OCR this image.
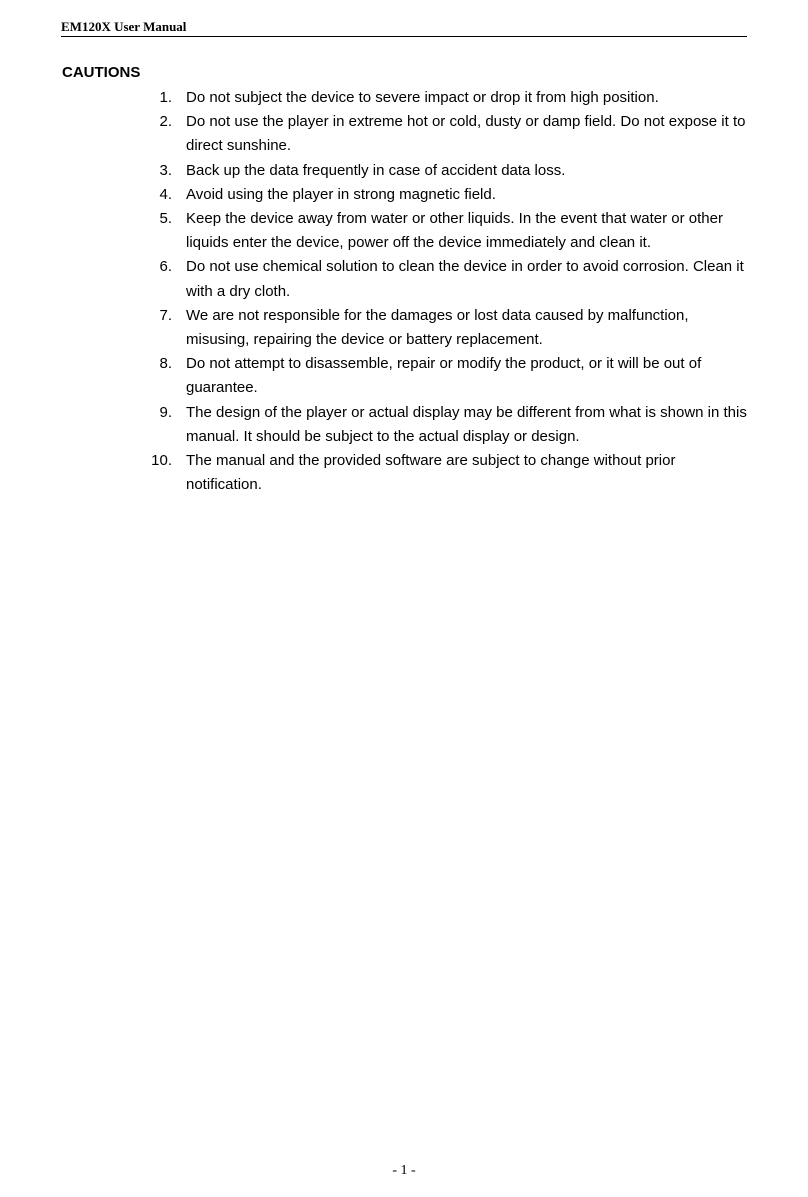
EM120X User Manual
CAUTIONS
1. Do not subject the device to severe impact or drop it from high position.
2. Do not use the player in extreme hot or cold, dusty or damp field. Do not expose it to direct sunshine.
3. Back up the data frequently in case of accident data loss.
4. Avoid using the player in strong magnetic field.
5. Keep the device away from water or other liquids. In the event that water or other liquids enter the device, power off the device immediately and clean it.
6. Do not use chemical solution to clean the device in order to avoid corrosion. Clean it with a dry cloth.
7. We are not responsible for the damages or lost data caused by malfunction, misusing, repairing the device or battery replacement.
8. Do not attempt to disassemble, repair or modify the product, or it will be out of guarantee.
9. The design of the player or actual display may be different from what is shown in this manual. It should be subject to the actual display or design.
10. The manual and the provided software are subject to change without prior notification.
- 1 -
